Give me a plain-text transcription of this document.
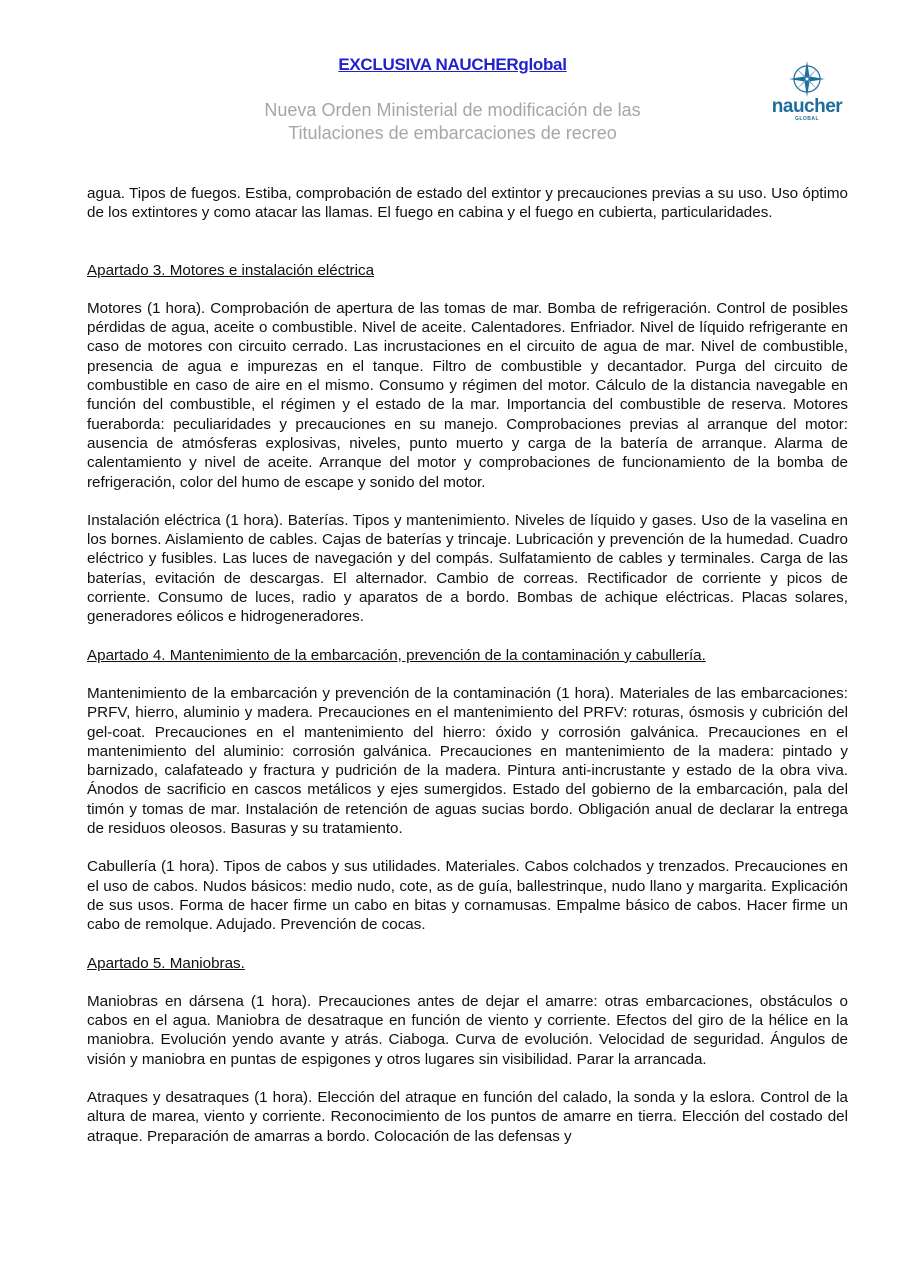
EXCLUSIVA NAUCHERglobal
Nueva Orden Ministerial de modificación de las
Titulaciones de embarcaciones de recreo
naucher
GLOBAL

agua. Tipos de fuegos. Estiba, comprobación de estado del extintor y precauciones previas a su uso. Uso óptimo de los extintores y como atacar las llamas. El fuego en cabina y el fuego en cubierta, particularidades.

Apartado 3. Motores e instalación eléctrica

Motores (1 hora). Comprobación de apertura de las tomas de mar. Bomba de refrigeración. Control de posibles pérdidas de agua, aceite o combustible. Nivel de aceite. Calentadores. Enfriador. Nivel de líquido refrigerante en caso de motores con circuito cerrado. Las incrustaciones en el circuito de agua de mar. Nivel de combustible, presencia de agua e impurezas en el tanque. Filtro de combustible y decantador. Purga del circuito de combustible en caso de aire en el mismo. Consumo y régimen del motor. Cálculo de la distancia navegable en función del combustible, el régimen y el estado de la mar. Importancia del combustible de reserva. Motores fueraborda: peculiaridades y precauciones en su manejo. Comprobaciones previas al arranque del motor: ausencia de atmósferas explosivas, niveles, punto muerto y carga de la batería de arranque. Alarma de calentamiento y nivel de aceite. Arranque del motor y comprobaciones de funcionamiento de la bomba de refrigeración, color del humo de escape y sonido del motor.

Instalación eléctrica (1 hora). Baterías. Tipos y mantenimiento. Niveles de líquido y gases. Uso de la vaselina en los bornes. Aislamiento de cables. Cajas de baterías y trincaje. Lubricación y prevención de la humedad. Cuadro eléctrico y fusibles. Las luces de navegación y del compás. Sulfatamiento de cables y terminales. Carga de las baterías, evitación de descargas. El alternador. Cambio de correas. Rectificador de corriente y picos de corriente. Consumo de luces, radio y aparatos de a bordo. Bombas de achique eléctricas. Placas solares, generadores eólicos e hidrogeneradores.

Apartado 4. Mantenimiento de la embarcación, prevención de la contaminación y cabullería.

Mantenimiento de la embarcación y prevención de la contaminación (1 hora). Materiales de las embarcaciones: PRFV, hierro, aluminio y madera. Precauciones en el mantenimiento del PRFV: roturas, ósmosis y cubrición del gel-coat. Precauciones en el mantenimiento del hierro: óxido y corrosión galvánica. Precauciones en el mantenimiento del aluminio: corrosión galvánica. Precauciones en mantenimiento de la madera: pintado y barnizado, calafateado y fractura y pudrición de la madera. Pintura anti-incrustante y estado de la obra viva. Ánodos de sacrificio en cascos metálicos y ejes sumergidos. Estado del gobierno de la embarcación, pala del timón y tomas de mar. Instalación de retención de aguas sucias bordo. Obligación anual de declarar la entrega de residuos oleosos. Basuras y su tratamiento.

Cabullería (1 hora). Tipos de cabos y sus utilidades. Materiales. Cabos colchados y trenzados. Precauciones en el uso de cabos. Nudos básicos: medio nudo, cote, as de guía, ballestrinque, nudo llano y margarita. Explicación de sus usos. Forma de hacer firme un cabo en bitas y cornamusas. Empalme básico de cabos. Hacer firme un cabo de remolque. Adujado. Prevención de cocas.

Apartado 5. Maniobras.

Maniobras en dársena (1 hora). Precauciones antes de dejar el amarre: otras embarcaciones, obstáculos o cabos en el agua. Maniobra de desatraque en función de viento y corriente. Efectos del giro de la hélice en la maniobra. Evolución yendo avante y atrás. Ciaboga. Curva de evolución. Velocidad de seguridad. Ángulos de visión y maniobra en puntas de espigones y otros lugares sin visibilidad. Parar la arrancada.

Atraques y desatraques (1 hora). Elección del atraque en función del calado, la sonda y la eslora. Control de la altura de marea, viento y corriente. Reconocimiento de los puntos de amarre en tierra. Elección del costado del atraque. Preparación de amarras a bordo. Colocación de las defensas y
